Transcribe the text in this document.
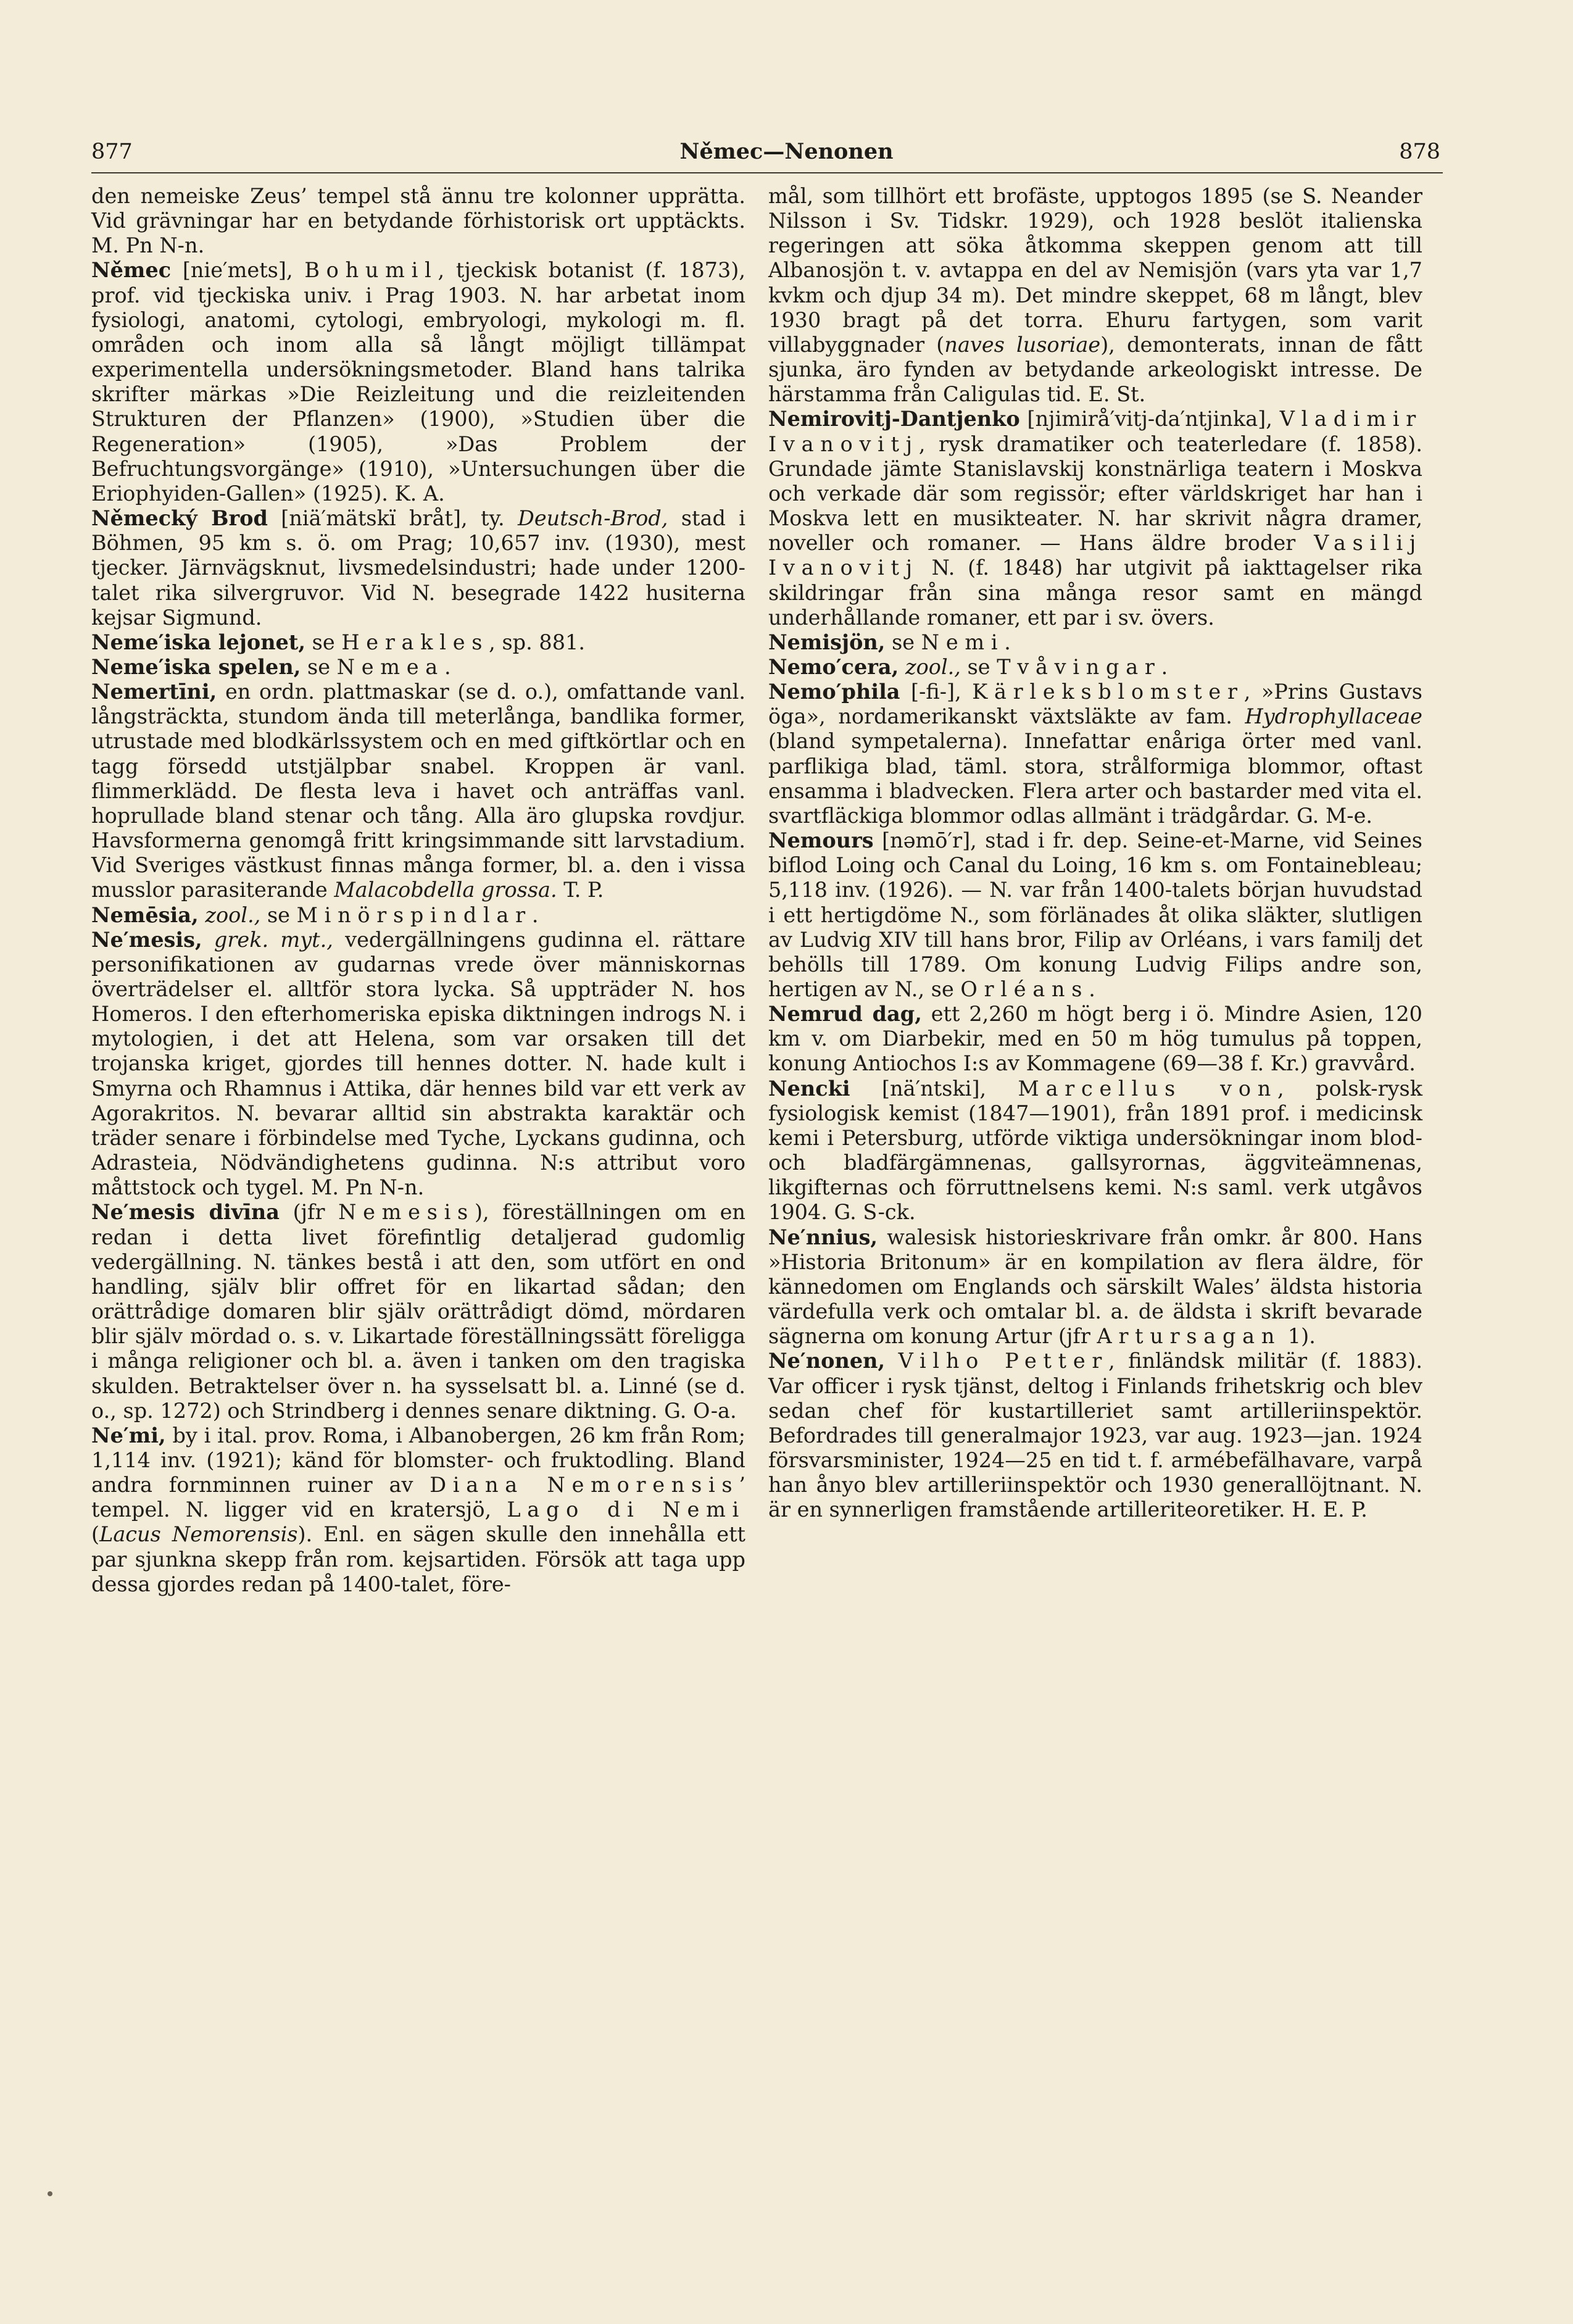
877	Němec—Nenonen	878

den nemeiske Zeus’ tempel stå ännu tre kolonner upprätta. Vid grävningar har en betydande förhistorisk ort upptäckts. M. Pn N-n.

Němec [nie′mets], Bohumil, tjeckisk botanist (f. 1873), prof. vid tjeckiska univ. i Prag 1903. N. har arbetat inom fysiologi, anatomi, cytologi, embryologi, mykologi m. fl. områden och inom alla så långt möjligt tillämpat experimentella undersökningsmetoder. Bland hans talrika skrifter märkas »Die Reizleitung und die reizleitenden Strukturen der Pflanzen» (1900), »Studien über die Regeneration» (1905), »Das Problem der Befruchtungsvorgänge» (1910), »Untersuchungen über die Eriophyiden-Gallen» (1925). K. A.

Německý Brod [niä′mätskï bråt], ty. Deutsch-Brod, stad i Böhmen, 95 km s. ö. om Prag; 10,657 inv. (1930), mest tjecker. Järnvägsknut, livsmedelsindustri; hade under 1200-talet rika silvergruvor. Vid N. besegrade 1422 husiterna kejsar Sigmund.

Neme′iska lejonet, se Herakles, sp. 881.

Neme′iska spelen, se Nemea.

Nemertīni, en ordn. plattmaskar (se d. o.), omfattande vanl. långsträckta, stundom ända till meterlånga, bandlika former, utrustade med blodkärlssystem och en med giftkörtlar och en tagg försedd utstjälpbar snabel. Kroppen är vanl. flimmerklädd. De flesta leva i havet och anträffas vanl. hoprullade bland stenar och tång. Alla äro glupska rovdjur. Havsformerna genomgå fritt kringsimmande sitt larvstadium. Vid Sveriges västkust finnas många former, bl. a. den i vissa musslor parasiterande Malacobdella grossa. T. P.

Nemēsia, zool., se Minörspindlar.

Ne′mesis, grek. myt., vedergällningens gudinna el. rättare personifikationen av gudarnas vrede över människornas överträdelser el. alltför stora lycka. Så uppträder N. hos Homeros. I den efterhomeriska episka diktningen indrogs N. i mytologien, i det att Helena, som var orsaken till det trojanska kriget, gjordes till hennes dotter. N. hade kult i Smyrna och Rhamnus i Attika, där hennes bild var ett verk av Agorakritos. N. bevarar alltid sin abstrakta karaktär och träder senare i förbindelse med Tyche, Lyckans gudinna, och Adrasteia, Nödvändighetens gudinna. N:s attribut voro måttstock och tygel. M. Pn N-n.

Ne′mesis divīna (jfr Nemesis), föreställningen om en redan i detta livet förefintlig detaljerad gudomlig vedergällning. N. tänkes bestå i att den, som utfört en ond handling, själv blir offret för en likartad sådan; den orättrådige domaren blir själv orättrådigt dömd, mördaren blir själv mördad o. s. v. Likartade föreställningssätt föreligga i många religioner och bl. a. även i tanken om den tragiska skulden. Betraktelser över n. ha sysselsatt bl. a. Linné (se d. o., sp. 1272) och Strindberg i dennes senare diktning. G. O-a.

Ne′mi, by i ital. prov. Roma, i Albanobergen, 26 km från Rom; 1,114 inv. (1921); känd för blomster- och fruktodling. Bland andra fornminnen ruiner av Diana Nemorensis’ tempel. N. ligger vid en kratersjö, Lago di Nemi (Lacus Nemorensis). Enl. en sägen skulle den innehålla ett par sjunkna skepp från rom. kejsartiden. Försök att taga upp dessa gjordes redan på 1400-talet, före-

mål, som tillhört ett brofäste, upptogos 1895 (se S. Neander Nilsson i Sv. Tidskr. 1929), och 1928 beslöt italienska regeringen att söka åtkomma skeppen genom att till Albanosjön t. v. avtappa en del av Nemisjön (vars yta var 1,7 kvkm och djup 34 m). Det mindre skeppet, 68 m långt, blev 1930 bragt på det torra. Ehuru fartygen, som varit villabyggnader (naves lusoriae), demonterats, innan de fått sjunka, äro fynden av betydande arkeologiskt intresse. De härstamma från Caligulas tid. E. St.

Nemirovitj-Dantjenko [njimirå′vitj-da′ntjinka], Vladimir Ivanovitj, rysk dramatiker och teaterledare (f. 1858). Grundade jämte Stanislavskij konstnärliga teatern i Moskva och verkade där som regissör; efter världskriget har han i Moskva lett en musikteater. N. har skrivit några dramer, noveller och romaner. — Hans äldre broder Vasilij Ivanovitj N. (f. 1848) har utgivit på iakttagelser rika skildringar från sina många resor samt en mängd underhållande romaner, ett par i sv. övers.

Nemisjön, se Nemi.

Nemo′cera, zool., se Tvåvingar.

Nemo′phila [-fi-], Kärleksblomster, »Prins Gustavs öga», nordamerikanskt växtsläkte av fam. Hydrophyllaceae (bland sympetalerna). Innefattar enåriga örter med vanl. parflikiga blad, täml. stora, strålformiga blommor, oftast ensamma i bladvecken. Flera arter och bastarder med vita el. svartfläckiga blommor odlas allmänt i trädgårdar. G. M-e.

Nemours [nəmō′r], stad i fr. dep. Seine-et-Marne, vid Seines biflod Loing och Canal du Loing, 16 km s. om Fontainebleau; 5,118 inv. (1926). — N. var från 1400-talets början huvudstad i ett hertigdöme N., som förlänades åt olika släkter, slutligen av Ludvig XIV till hans bror, Filip av Orléans, i vars familj det behölls till 1789. Om konung Ludvig Filips andre son, hertigen av N., se Orléans.

Nemrud dag, ett 2,260 m högt berg i ö. Mindre Asien, 120 km v. om Diarbekir, med en 50 m hög tumulus på toppen, konung Antiochos I:s av Kommagene (69—38 f. Kr.) gravvård.

Nencki [nä′ntski], Marcellus von, polsk-rysk fysiologisk kemist (1847—1901), från 1891 prof. i medicinsk kemi i Petersburg, utförde viktiga undersökningar inom blod- och bladfärgämnenas, gallsyrornas, äggviteämnenas, likgifternas och förruttnelsens kemi. N:s saml. verk utgåvos 1904. G. S-ck.

Ne′nnius, walesisk historieskrivare från omkr. år 800. Hans »Historia Britonum» är en kompilation av flera äldre, för kännedomen om Englands och särskilt Wales’ äldsta historia värdefulla verk och omtalar bl. a. de äldsta i skrift bevarade sägnerna om konung Artur (jfr Artursagan 1).

Ne′nonen, Vilho Petter, finländsk militär (f. 1883). Var officer i rysk tjänst, deltog i Finlands frihetskrig och blev sedan chef för kustartilleriet samt artilleriinspektör. Befordrades till generalmajor 1923, var aug. 1923—jan. 1924 försvarsminister, 1924—25 en tid t. f. armébefälhavare, varpå han ånyo blev artilleriinspektör och 1930 generallöjtnant. N. är en synnerligen framstående artilleriteoretiker. H. E. P.
